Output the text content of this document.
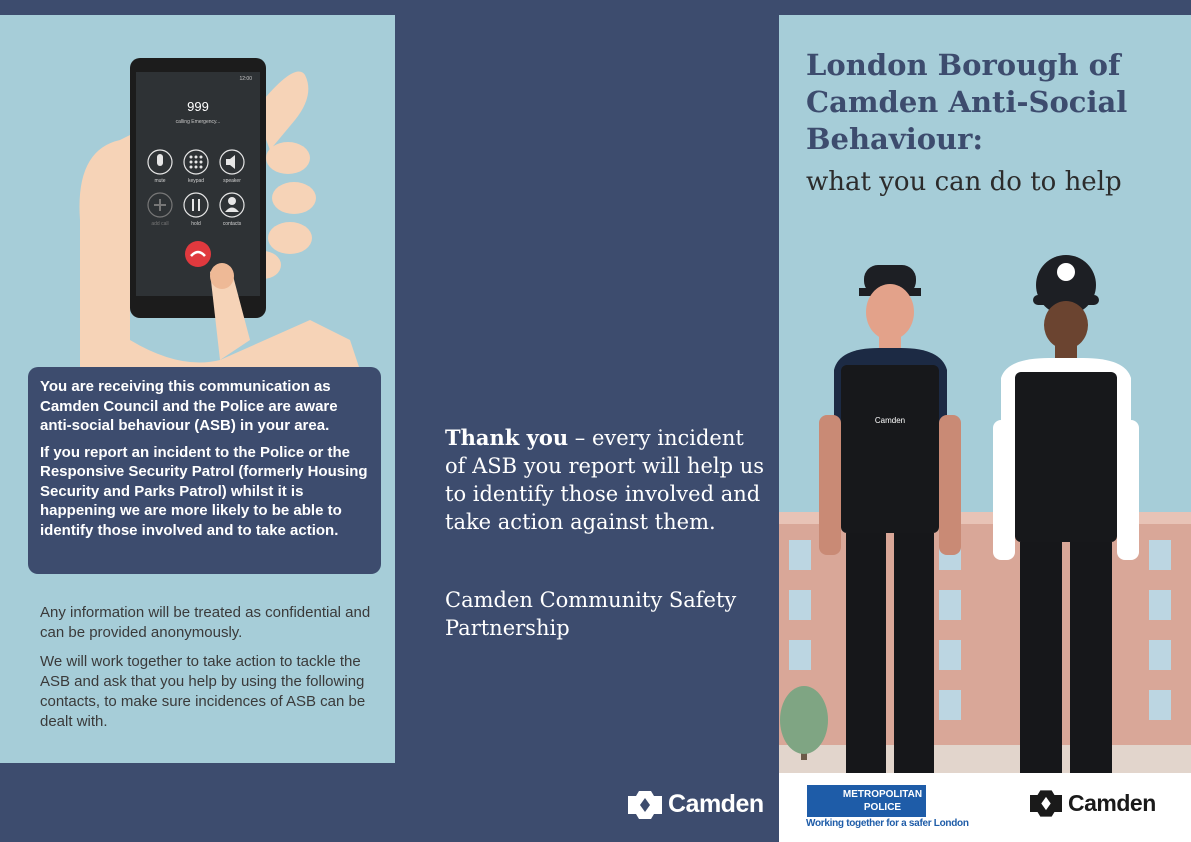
999
calling Emergency...
12:00
mute	keypad	speaker
add call	hold	contacts

You are receiving this communication as Camden Council and the Police are aware anti-social behaviour (ASB) in your area.

If you report an incident to the Police or the Responsive Security Patrol (formerly Housing Security and Parks Patrol) whilst it is happening we are more likely to be able to identify those involved and to take action.

Any information will be treated as confidential and can be provided anonymously.

We will work together to take action to tackle the ASB and ask that you help by using the following contacts, to make sure incidences of ASB can be dealt with.

Thank you – every incident of ASB you report will help us to identify those involved and take action against them.
Camden Community Safety Partnership
Camden
London Borough of Camden Anti-Social Behaviour:
what you can do to help
Camden
METROPOLITAN
POLICE
Working together for a safer London
Camden
